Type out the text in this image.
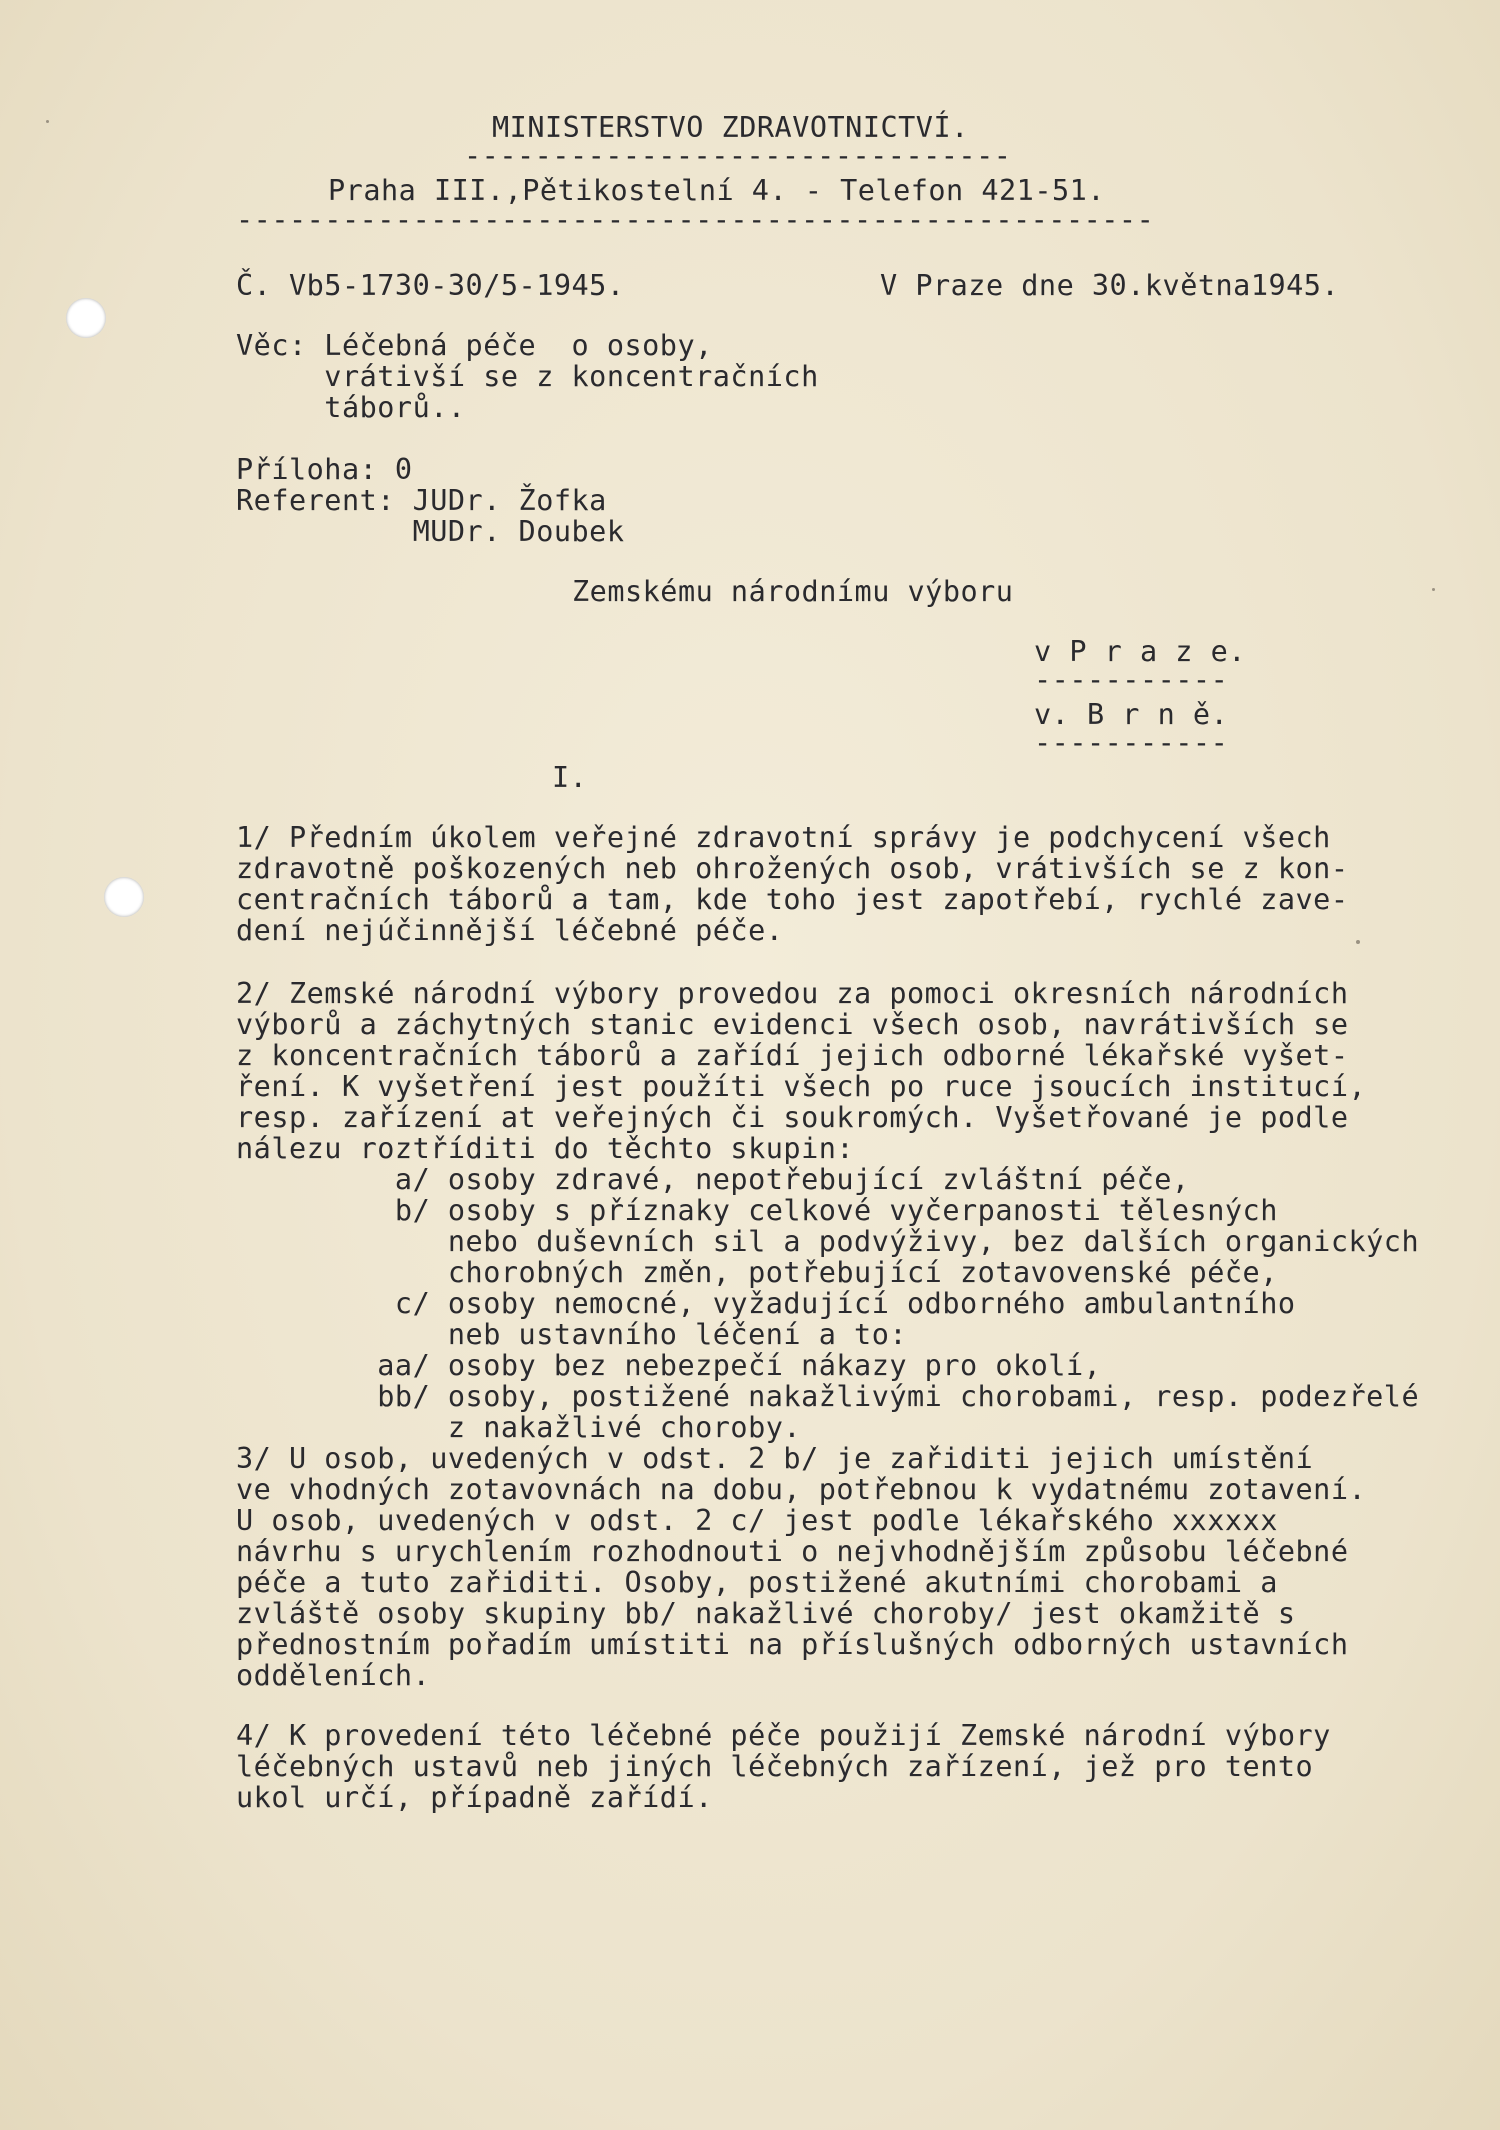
MINISTERSTVO ZDRAVOTNICTVÍ.
-------------------------------
Praha III.,Pětikostelní 4. - Telefon 421-51.
----------------------------------------------------
Č. Vb5-1730-30/5-1945.	V Praze dne 30.května1945.
Věc: Léčebná péče  o osoby,
vrátivší se z koncentračních
táborů..
Příloha: 0
Referent: JUDr. Žofka
MUDr. Doubek
Zemskému národnímu výboru
v P r a z e.
-----------
v. B r n ě.
-----------
I.
1/ Předním úkolem veřejné zdravotní správy je podchycení všech
zdravotně poškozených neb ohrožených osob, vrátivších se z kon-
centračních táborů a tam, kde toho jest zapotřebí, rychlé zave-
dení nejúčinnější léčebné péče.
2/ Zemské národní výbory provedou za pomoci okresních národních
výborů a záchytných stanic evidenci všech osob, navrátivších se
z koncentračních táborů a zařídí jejich odborné lékařské vyšet-
ření. K vyšetření jest použíti všech po ruce jsoucích institucí,
resp. zařízení at veřejných či soukromých. Vyšetřované je podle
nálezu roztříditi do těchto skupin:
a/ osoby zdravé, nepotřebující zvláštní péče,
b/ osoby s příznaky celkové vyčerpanosti tělesných
nebo duševních sil a podvýživy, bez dalších organických
chorobných změn, potřebující zotavovenské péče,
c/ osoby nemocné, vyžadující odborného ambulantního
neb ustavního léčení a to:
aa/ osoby bez nebezpečí nákazy pro okolí,
bb/ osoby, postižené nakažlivými chorobami, resp. podezřelé
z nakažlivé choroby.
3/ U osob, uvedených v odst. 2 b/ je zařiditi jejich umístění
ve vhodných zotavovnách na dobu, potřebnou k vydatnému zotavení.
U osob, uvedených v odst. 2 c/ jest podle lékařského xxxxxx
návrhu s urychlením rozhodnouti o nejvhodnějším způsobu léčebné
péče a tuto zařiditi. Osoby, postižené akutními chorobami a
zvláště osoby skupiny bb/ nakažlivé choroby/ jest okamžitě s
přednostním pořadím umístiti na příslušných odborných ustavních
odděleních.
4/ K provedení této léčebné péče použijí Zemské národní výbory
léčebných ustavů neb jiných léčebných zařízení, jež pro tento
ukol určí, případně zařídí.
